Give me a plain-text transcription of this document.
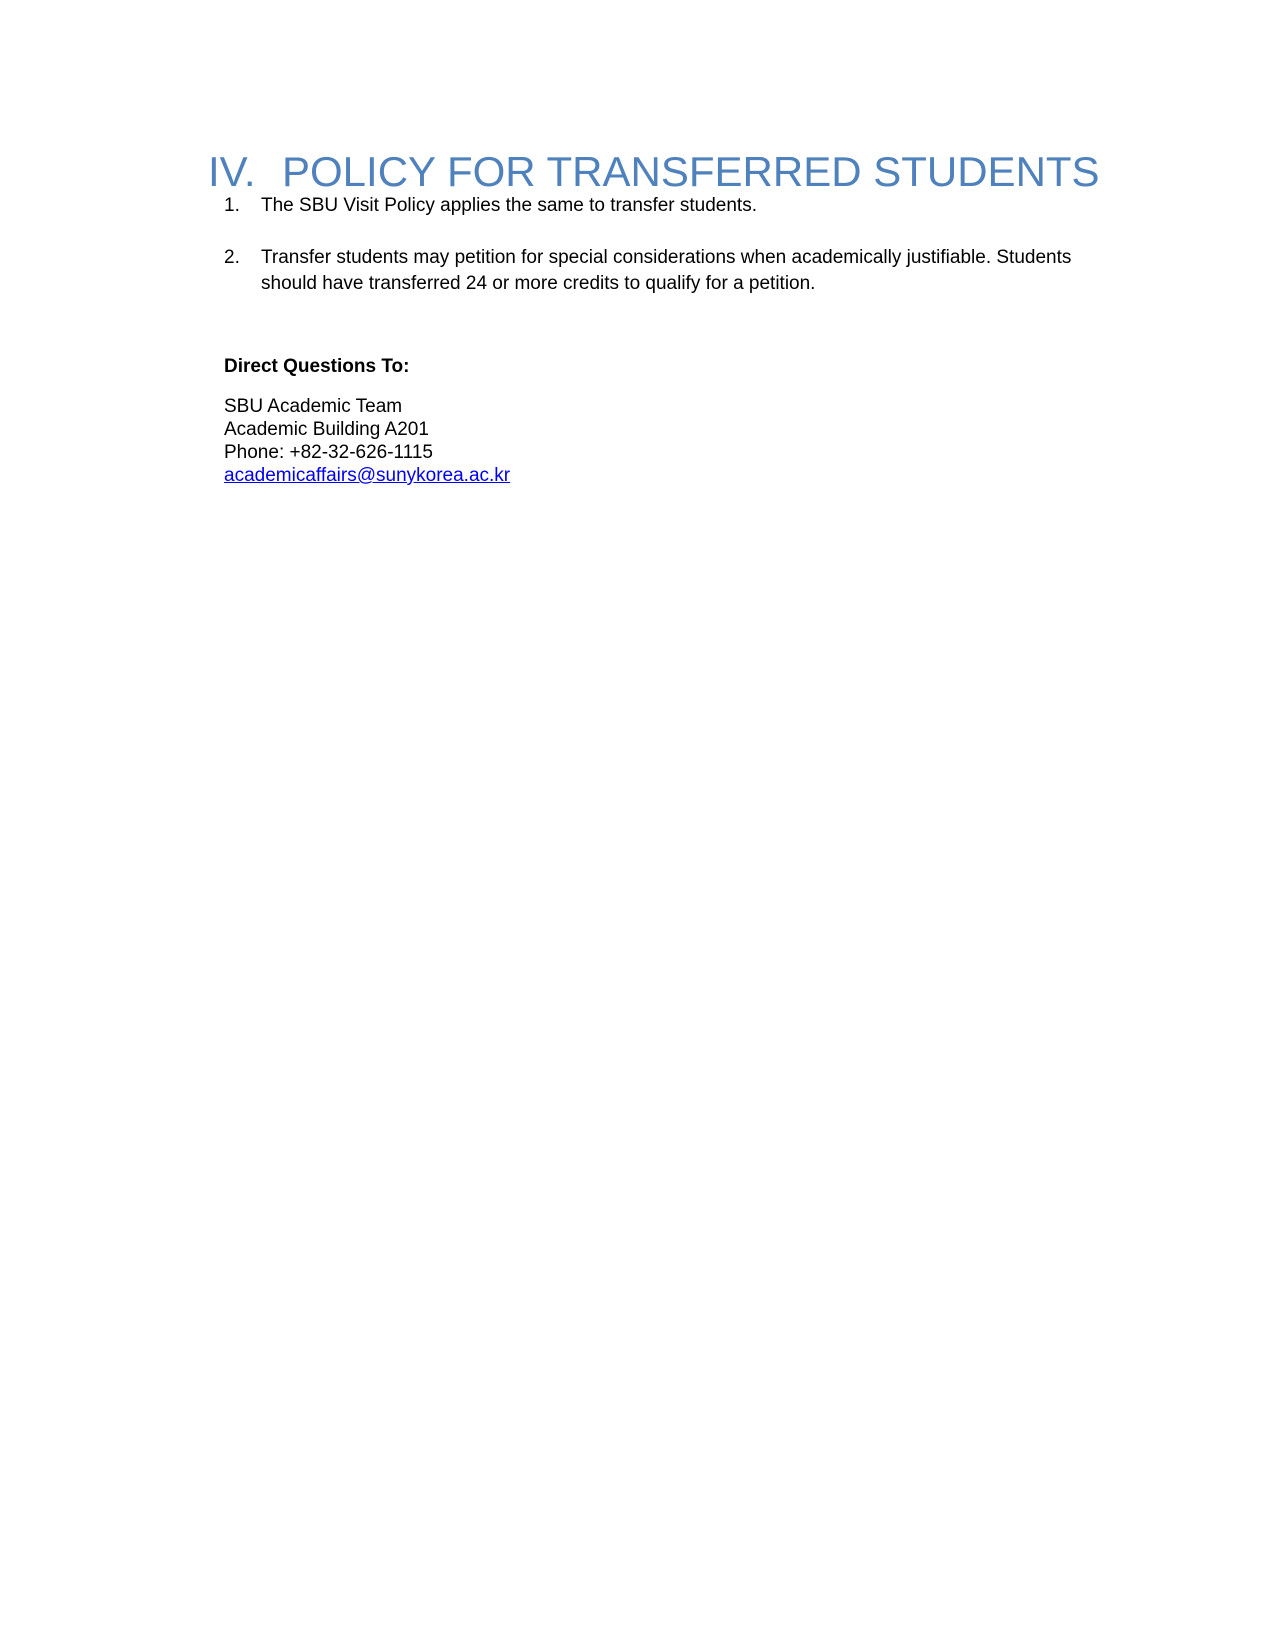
IV. POLICY FOR TRANSFERRED STUDENTS
1. The SBU Visit Policy applies the same to transfer students.
2. Transfer students may petition for special considerations when academically justifiable. Students should have transferred 24 or more credits to qualify for a petition.
Direct Questions To:
SBU Academic Team
Academic Building A201
Phone: +82-32-626-1115
academicaffairs@sunykorea.ac.kr
